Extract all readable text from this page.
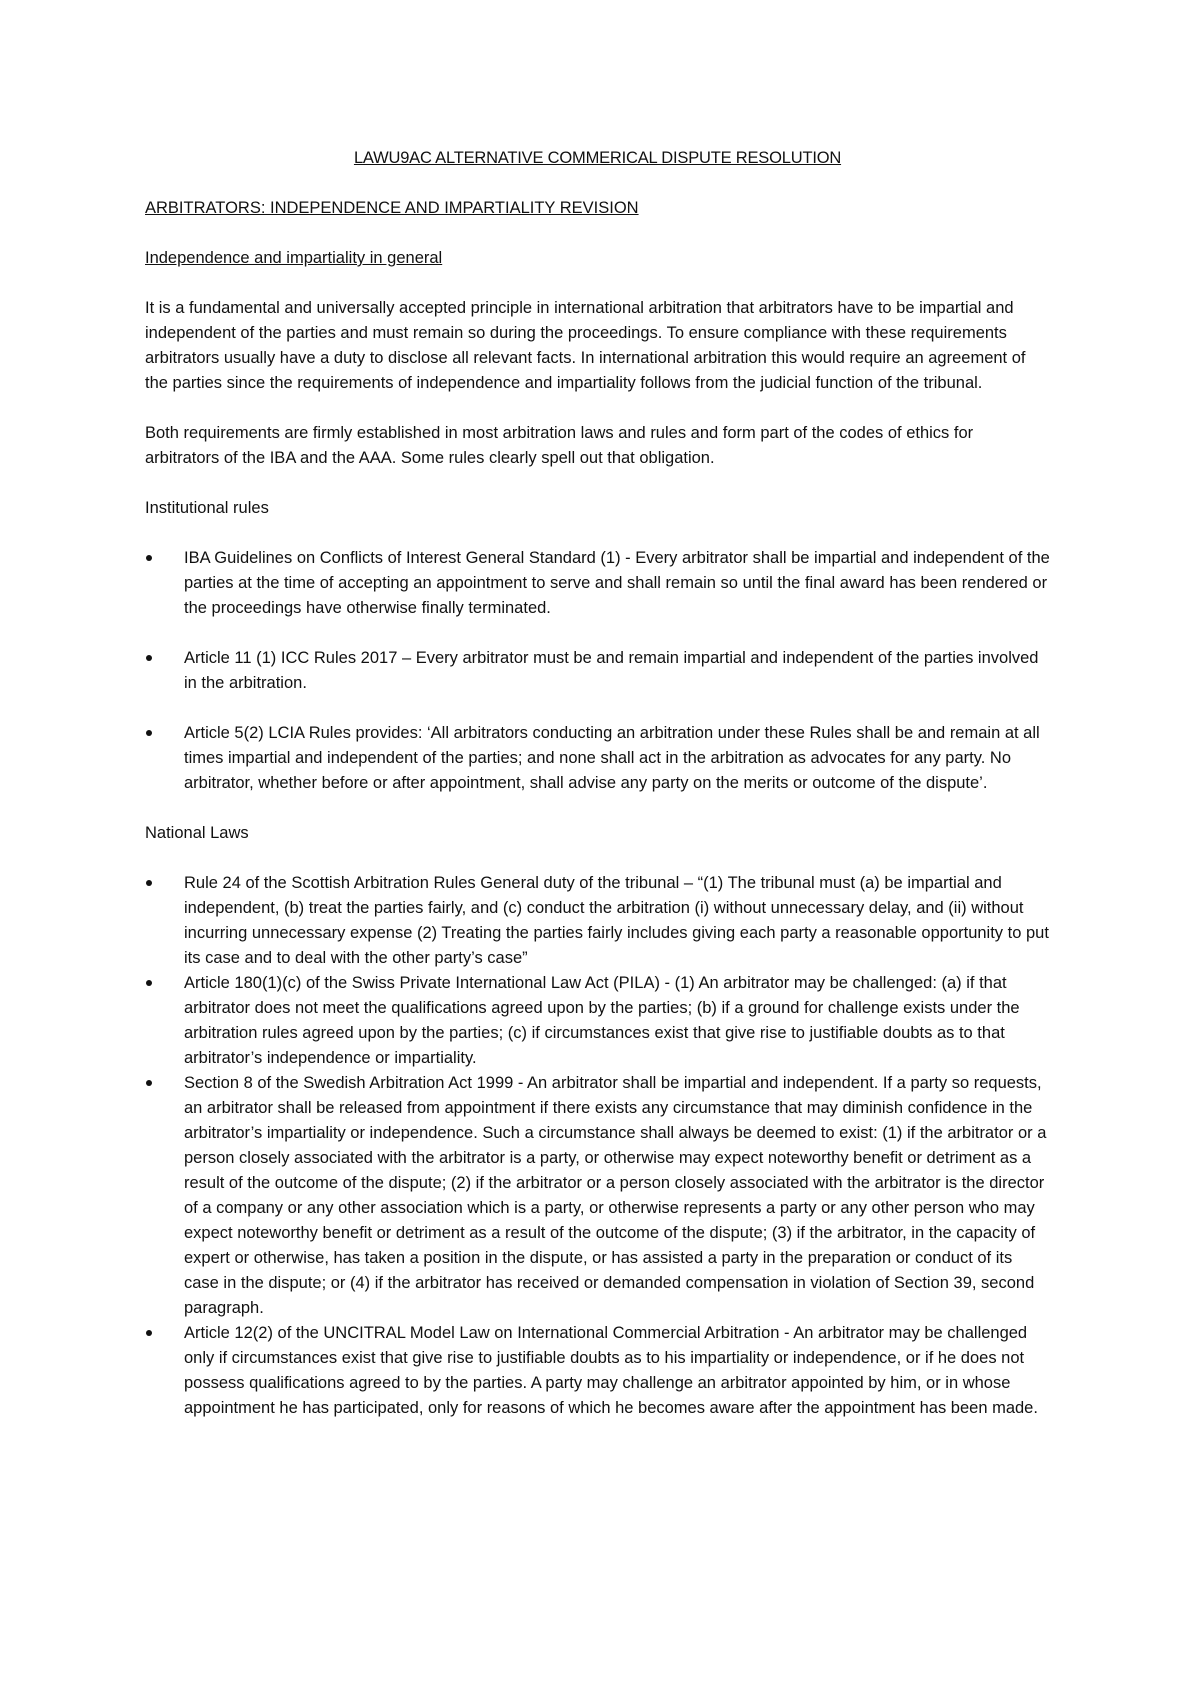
LAWU9AC ALTERNATIVE COMMERICAL DISPUTE RESOLUTION
ARBITRATORS: INDEPENDENCE AND IMPARTIALITY REVISION
Independence and impartiality in general

It is a fundamental and universally accepted principle in international arbitration that arbitrators have to be impartial and independent of the parties and must remain so during the proceedings. To ensure compliance with these requirements arbitrators usually have a duty to disclose all relevant facts. In international arbitration this would require an agreement of the parties since the requirements of independence and impartiality follows from the judicial function of the tribunal.

Both requirements are firmly established in most arbitration laws and rules and form part of the codes of ethics for arbitrators of the IBA and the AAA. Some rules clearly spell out that obligation.

Institutional rules
IBA Guidelines on Conflicts of Interest General Standard (1) - Every arbitrator shall be impartial and independent of the parties at the time of accepting an appointment to serve and shall remain so until the final award has been rendered or the proceedings have otherwise finally terminated.
Article 11 (1) ICC Rules 2017 – Every arbitrator must be and remain impartial and independent of the parties involved in the arbitration.
Article 5(2) LCIA Rules provides: ‘All arbitrators conducting an arbitration under these Rules shall be and remain at all times impartial and independent of the parties; and none shall act in the arbitration as advocates for any party. No arbitrator, whether before or after appointment, shall advise any party on the merits or outcome of the dispute’.
National Laws
Rule 24 of the Scottish Arbitration Rules General duty of the tribunal – “(1) The tribunal must (a) be impartial and independent, (b) treat the parties fairly, and (c) conduct the arbitration (i) without unnecessary delay, and (ii) without incurring unnecessary expense (2) Treating the parties fairly includes giving each party a reasonable opportunity to put its case and to deal with the other party’s case”
Article 180(1)(c) of the Swiss Private International Law Act (PILA) - (1) An arbitrator may be challenged: (a) if that arbitrator does not meet the qualifications agreed upon by the parties; (b) if a ground for challenge exists under the arbitration rules agreed upon by the parties; (c) if circumstances exist that give rise to justifiable doubts as to that arbitrator’s independence or impartiality.
Section 8 of the Swedish Arbitration Act 1999 - An arbitrator shall be impartial and independent. If a party so requests, an arbitrator shall be released from appointment if there exists any circumstance that may diminish confidence in the arbitrator’s impartiality or independence. Such a circumstance shall always be deemed to exist: (1) if the arbitrator or a person closely associated with the arbitrator is a party, or otherwise may expect noteworthy benefit or detriment as a result of the outcome of the dispute; (2) if the arbitrator or a person closely associated with the arbitrator is the director of a company or any other association which is a party, or otherwise represents a party or any other person who may expect noteworthy benefit or detriment as a result of the outcome of the dispute; (3) if the arbitrator, in the capacity of expert or otherwise, has taken a position in the dispute, or has assisted a party in the preparation or conduct of its case in the dispute; or (4) if the arbitrator has received or demanded compensation in violation of Section 39, second paragraph.
Article 12(2) of the UNCITRAL Model Law on International Commercial Arbitration - An arbitrator may be challenged only if circumstances exist that give rise to justifiable doubts as to his impartiality or independence, or if he does not possess qualifications agreed to by the parties. A party may challenge an arbitrator appointed by him, or in whose appointment he has participated, only for reasons of which he becomes aware after the appointment has been made.
